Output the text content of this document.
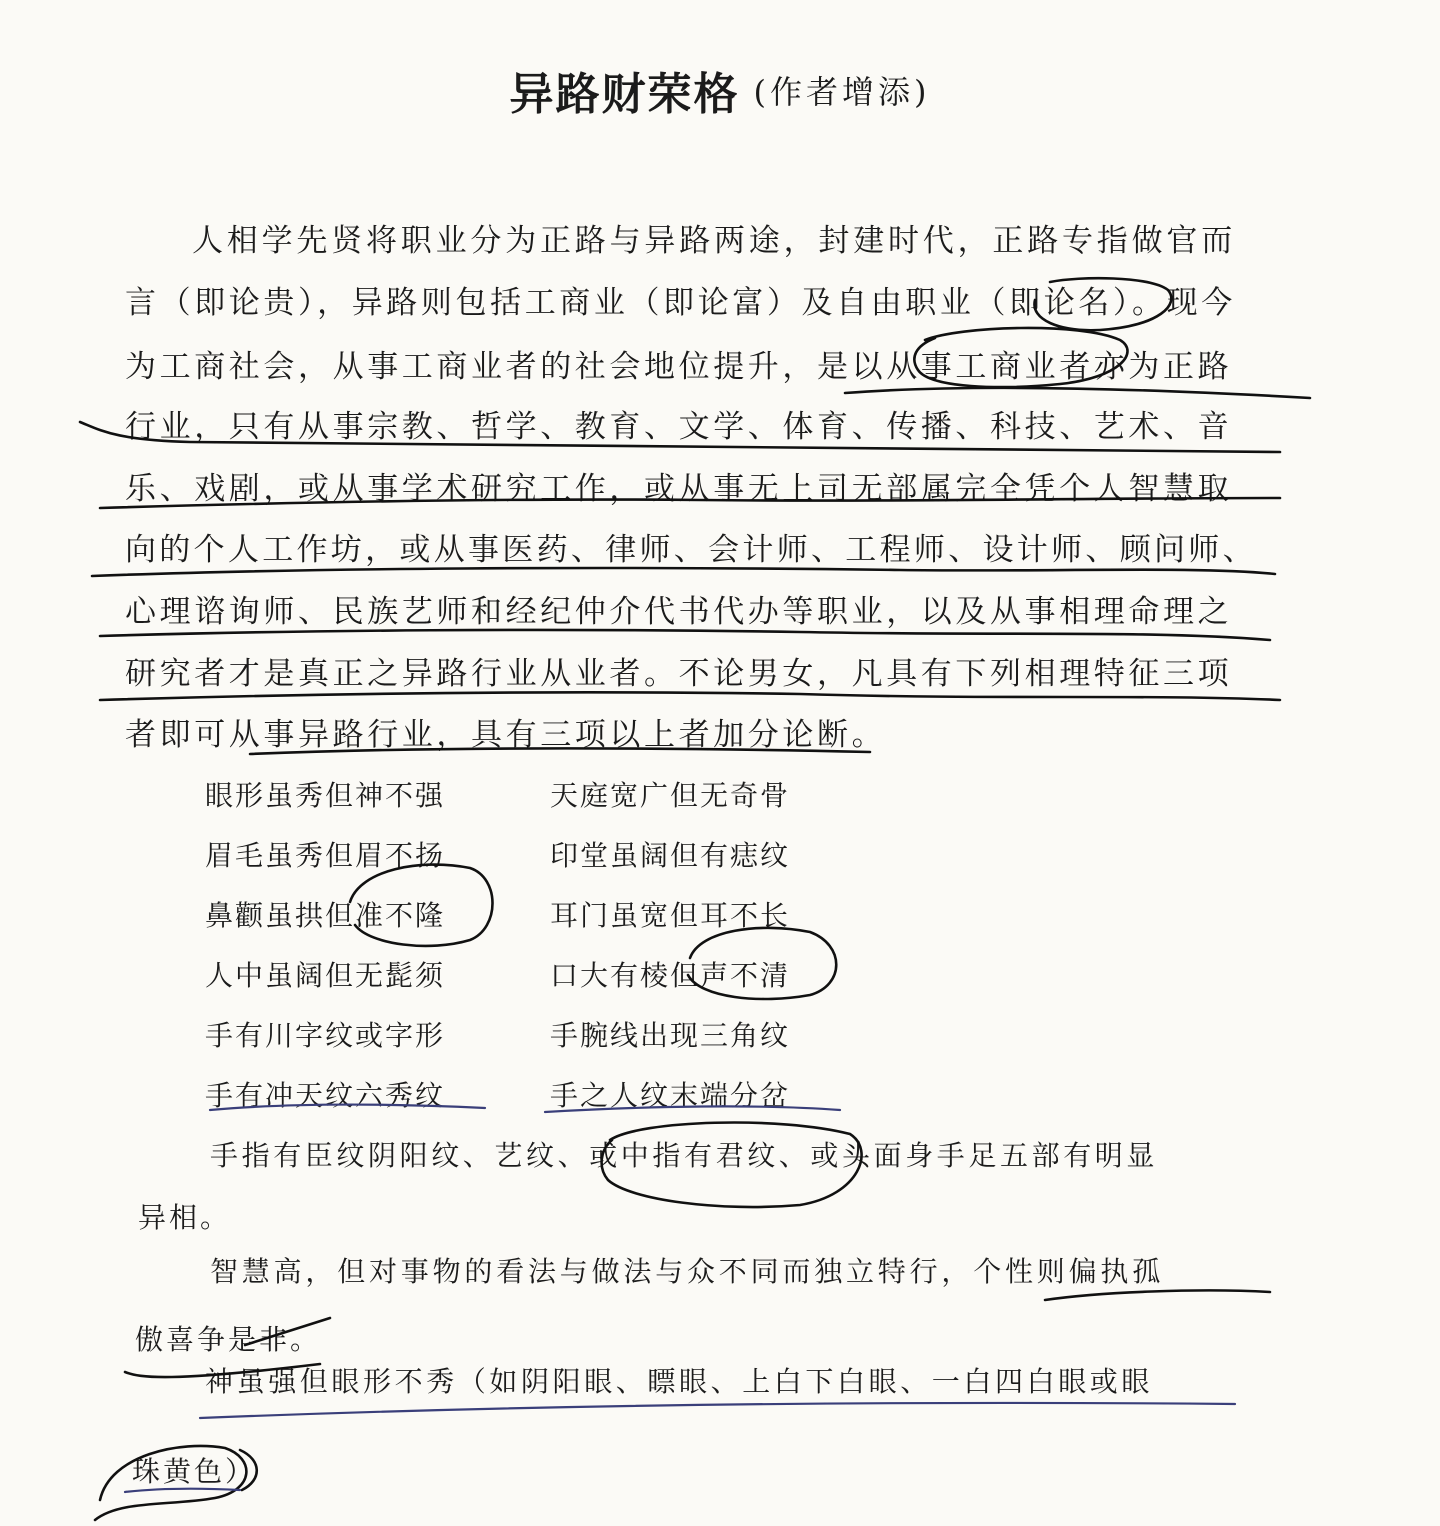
异路财荣格 (作者增添)
人相学先贤将职业分为正路与异路两途，封建时代，正路专指做官而
言（即论贵），异路则包括工商业（即论富）及自由职业（即论名）。现今
为工商社会，从事工商业者的社会地位提升，是以从事工商业者亦为正路
行业，只有从事宗教、哲学、教育、文学、体育、传播、科技、艺术、音
乐、戏剧，或从事学术研究工作，或从事无上司无部属完全凭个人智慧取
向的个人工作坊，或从事医药、律师、会计师、工程师、设计师、顾问师、
心理谘询师、民族艺师和经纪仲介代书代办等职业，以及从事相理命理之
研究者才是真正之异路行业从业者。不论男女，凡具有下列相理特征三项
者即可从事异路行业，具有三项以上者加分论断。
眼形虽秀但神不强	天庭宽广但无奇骨
眉毛虽秀但眉不扬	印堂虽阔但有痣纹
鼻颧虽拱但准不隆	耳门虽宽但耳不长
人中虽阔但无髭须	口大有棱但声不清
手有川字纹或字形	手腕线出现三角纹
手有冲天纹六秀纹	手之人纹末端分岔
手指有臣纹阴阳纹、艺纹、或中指有君纹、或头面身手足五部有明显
异相。
智慧高，但对事物的看法与做法与众不同而独立特行，个性则偏执孤
傲喜争是非。
神虽强但眼形不秀（如阴阳眼、瞟眼、上白下白眼、一白四白眼或眼
珠黄色）
